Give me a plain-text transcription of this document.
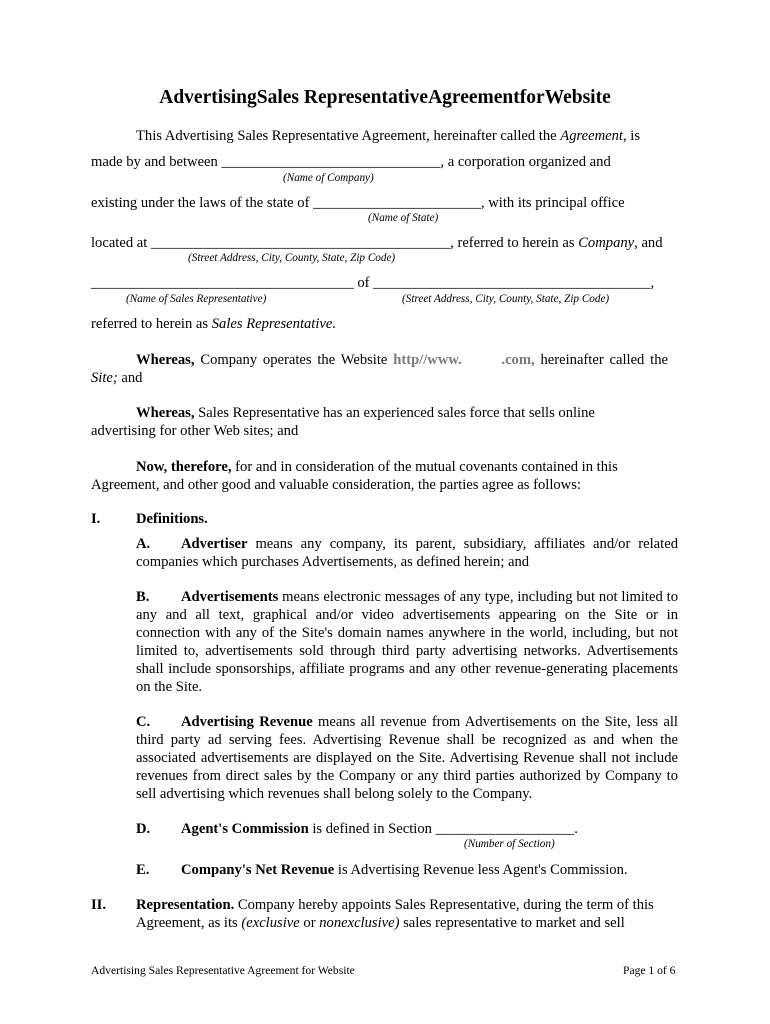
AdvertisingSales RepresentativeAgreementforWebsite
This Advertising Sales Representative Agreement, hereinafter called the Agreement, is
made by and between ______________________________, a corporation organized and
(Name of Company)
existing under the laws of the state of _______________________, with its principal office
(Name of State)
located at _________________________________________, referred to herein as Company, and
(Street Address, City, County, State, Zip Code)
____________________________________ of ______________________________________,
(Name of Sales Representative)	(Street Address, City, County, State, Zip Code)
referred to herein as Sales Representative.
Whereas, Company operates the Website http//www.	.com, hereinafter called the
Site; and
Whereas, Sales Representative has an experienced sales force that sells online
advertising for other Web sites; and
Now, therefore, for and in consideration of the mutual covenants contained in this
Agreement, and other good and valuable consideration, the parties agree as follows:
I. Definitions.
A. Advertiser means any company, its parent, subsidiary, affiliates and/or related companies which purchases Advertisements, as defined herein; and
B. Advertisements means electronic messages of any type, including but not limited to any and all text, graphical and/or video advertisements appearing on the Site or in connection with any of the Site's domain names anywhere in the world, including, but not limited to, advertisements sold through third party advertising networks. Advertisements shall include sponsorships, affiliate programs and any other revenue-generating placements on the Site.
C. Advertising Revenue means all revenue from Advertisements on the Site, less all third party ad serving fees. Advertising Revenue shall be recognized as and when the associated advertisements are displayed on the Site. Advertising Revenue shall not include revenues from direct sales by the Company or any third parties authorized by Company to sell advertising which revenues shall belong solely to the Company.
D. Agent's Commission is defined in Section ___________________.
(Number of Section)
E. Company's Net Revenue is Advertising Revenue less Agent's Commission.
II. Representation. Company hereby appoints Sales Representative, during the term of this
Agreement, as its (exclusive or nonexclusive) sales representative to market and sell
Advertising Sales Representative Agreement for Website	Page 1 of 6
